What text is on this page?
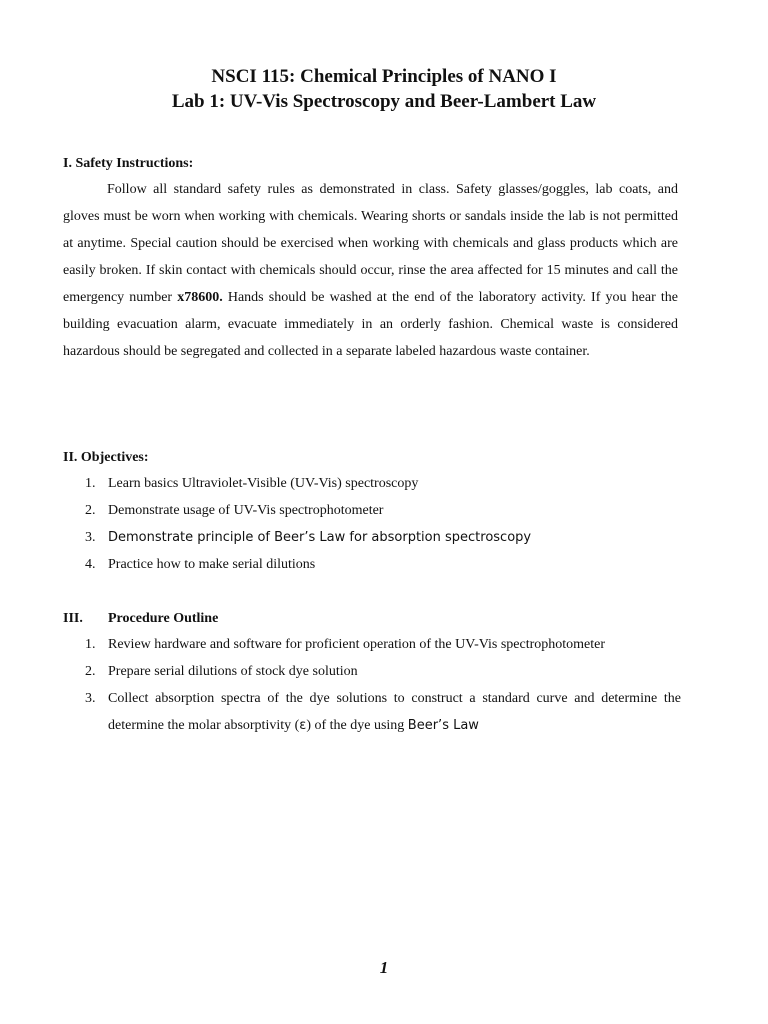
NSCI 115: Chemical Principles of NANO I
Lab 1: UV-Vis Spectroscopy and Beer-Lambert Law
I. Safety Instructions:

Follow all standard safety rules as demonstrated in class. Safety glasses/goggles, lab coats, and gloves must be worn when working with chemicals. Wearing shorts or sandals inside the lab is not permitted at anytime. Special caution should be exercised when working with chemicals and glass products which are easily broken. If skin contact with chemicals should occur, rinse the area affected for 15 minutes and call the emergency number x78600. Hands should be washed at the end of the laboratory activity. If you hear the building evacuation alarm, evacuate immediately in an orderly fashion. Chemical waste is considered hazardous should be segregated and collected in a separate labeled hazardous waste container.

II. Objectives:
1. Learn basics Ultraviolet-Visible (UV-Vis) spectroscopy
2. Demonstrate usage of UV-Vis spectrophotometer
3. Demonstrate principle of Beer’s Law for absorption spectroscopy
4. Practice how to make serial dilutions
III. Procedure Outline
1. Review hardware and software for proficient operation of the UV-Vis spectrophotometer
2. Prepare serial dilutions of stock dye solution
3. Collect absorption spectra of the dye solutions to construct a standard curve and determine the determine the molar absorptivity (ε) of the dye using Beer’s Law
1
